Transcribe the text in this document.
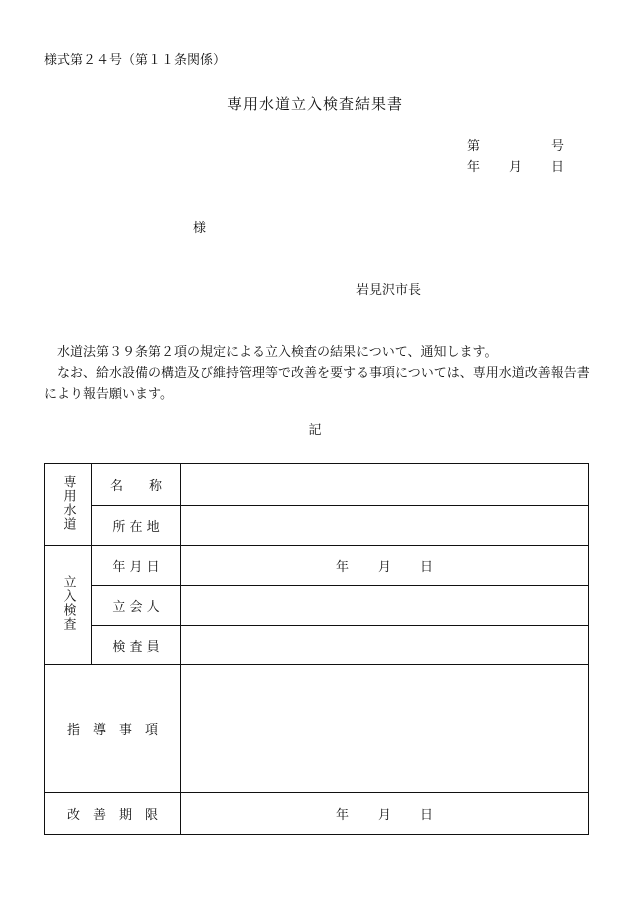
様式第２４号（第１１条関係）
専用水道立入検査結果書
第	号
年 月 日
様
岩見沢市長

水道法第３９条第２項の規定による立入検査の結果について、通知します。

なお、給水設備の構造及び維持管理等で改善を要する事項については、専用水道改善報告書により報告願います。

記
専用水道	名　　称	
	所 在 地	
立入検査	年 月 日	年 月 日
	立 会 人	
	検 査 員	
指　導　事　項		
改　善　期　限		年 月 日
